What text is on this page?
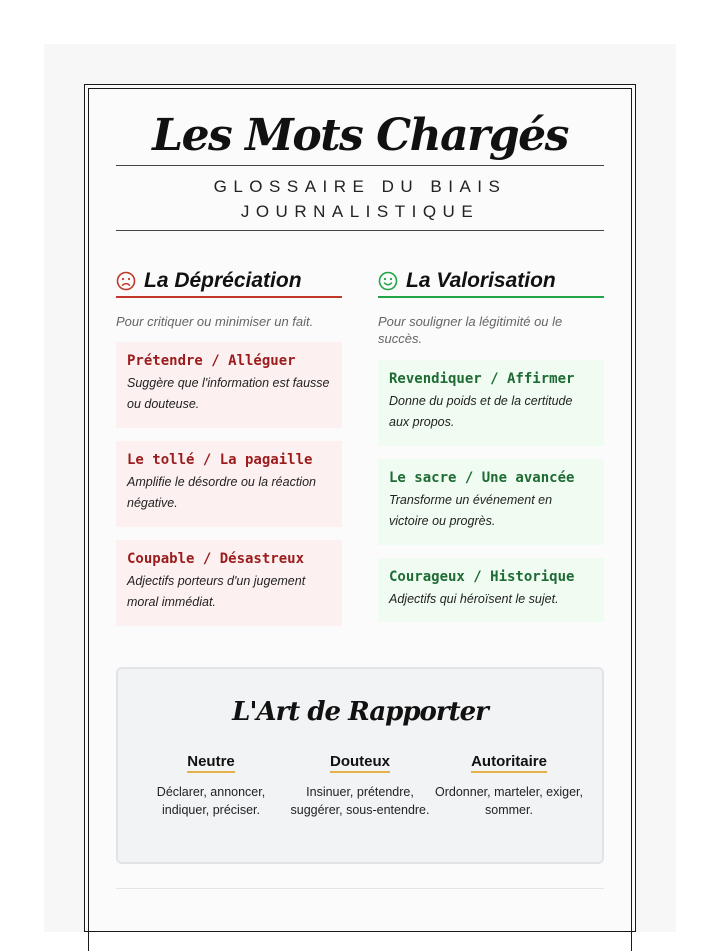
Les Mots Chargés
GLOSSAIRE DU BIAIS
JOURNALISTIQUE
La Dépréciation
Pour critiquer ou minimiser un fait.
Prétendre / Alléguer
Suggère que l'information est fausse ou douteuse.
Le tollé / La pagaille
Amplifie le désordre ou la réaction négative.
Coupable / Désastreux
Adjectifs porteurs d'un jugement moral immédiat.
La Valorisation
Pour souligner la légitimité ou le succès.
Revendiquer / Affirmer
Donne du poids et de la certitude aux propos.
Le sacre / Une avancée
Transforme un événement en victoire ou progrès.
Courageux / Historique
Adjectifs qui héroïsent le sujet.
L'Art de Rapporter
Neutre
Déclarer, annoncer, indiquer, préciser.
Douteux
Insinuer, prétendre, suggérer, sous-entendre.
Autoritaire
Ordonner, marteler, exiger, sommer.
